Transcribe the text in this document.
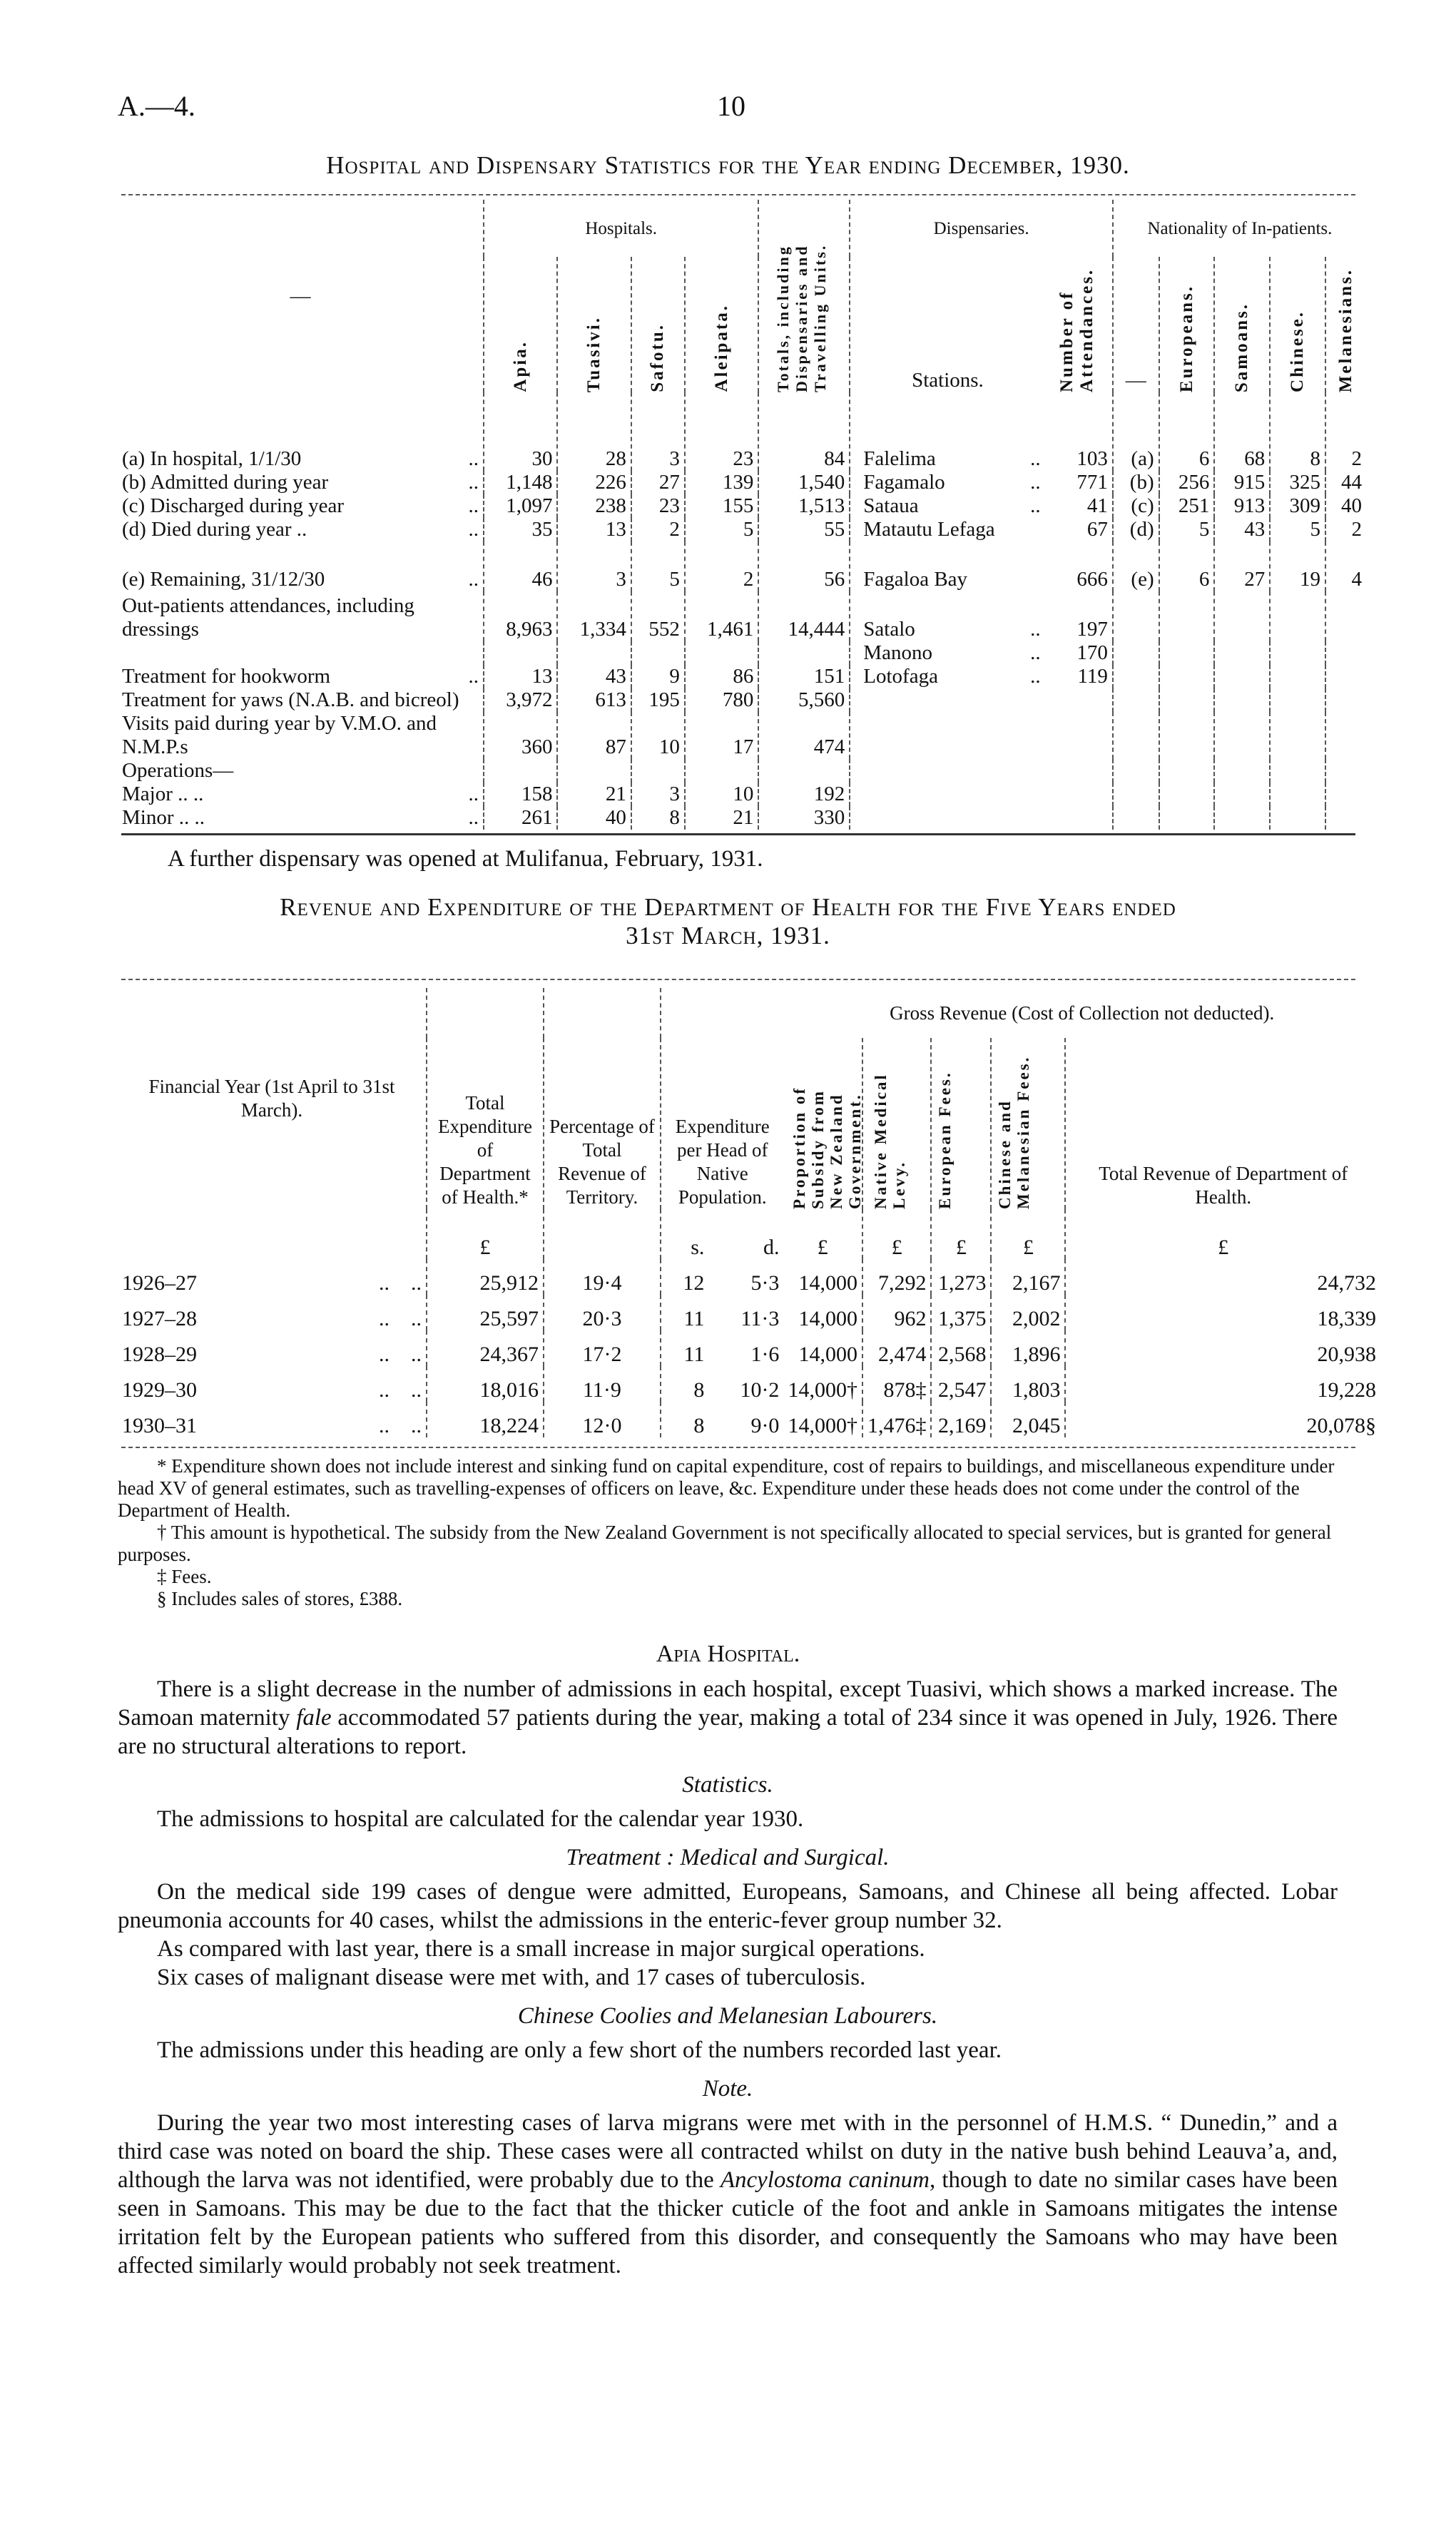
A.—4.	10
Hospital and Dispensary Statistics for the Year ending December, 1930.
—	Hospitals.				Totals, including Dispensaries and Travelling Units.	Dispensaries.		Nationality of In-patients.				

	Apia.	Tuasivi.	Safotu.	Aleipata.		Stations.	Number of Attendances.	—	Europeans.	Samoans.	Chinese.	Melanesians.

(a) In hospital, 1/1/30 ..	30	28	3	23	84	Falelima ..	103	(a)	6	68	8	2
(b) Admitted during year ..	1,148	226	27	139	1,540	Fagamalo ..	771	(b)	256	915	325	44
(c) Discharged during year ..	1,097	238	23	155	1,513	Sataua ..	41	(c)	251	913	309	40
(d) Died during year .. ..	35	13	2	5	55	Matautu Lefaga	67	(d)	5	43	5	2
(e) Remaining, 31/12/30 ..	46	3	5	2	56	Fagaloa Bay	666	(e)	6	27	19	4
Out-patients attendances, including dressings	8,963	1,334	552	1,461	14,444	Satalo ..	197					
						Manono ..	170					
Treatment for hookworm ..	13	43	9	86	151	Lotofaga ..	119					
Treatment for yaws (N.A.B. and bicreol)	3,972	613	195	780	5,560							
Visits paid during year by V.M.O. and N.M.P.s	360	87	10	17	474							
Operations—												
Major .. .. ..	158	21	3	10	192							
Minor .. .. ..	261	40	8	21	330							
A further dispensary was opened at Mulifanua, February, 1931.
Revenue and Expenditure of the Department of Health for the Five Years ended
31st March, 1931.
Financial Year (1st April to 31st March).	Total Expenditure of Department of Health.*	Percentage of Total Revenue of Territory.	Expenditure per Head of Native Population.		Gross Revenue (Cost of Collection not deducted).				

					Proportion of Subsidy from New Zealand Government.	Native Medical Levy.	European Fees.	Chinese and Melanesian Fees.	Total Revenue of Department of Health.
	£		s.	d.	£	£	£	£	£
1926–27 ..    ..	25,912	19·4	12	5·3	14,000	7,292	1,273	2,167	24,732
1927–28 ..    ..	25,597	20·3	11	11·3	14,000	962	1,375	2,002	18,339
1928–29 ..    ..	24,367	17·2	11	1·6	14,000	2,474	2,568	1,896	20,938
1929–30 ..    ..	18,016	11·9	8	10·2	14,000†	878‡	2,547	1,803	19,228
1930–31 ..    ..	18,224	12·0	8	9·0	14,000†	1,476‡	2,169	2,045	20,078§

* Expenditure shown does not include interest and sinking fund on capital expenditure, cost of repairs to buildings, and miscellaneous expenditure under head XV of general estimates, such as travelling-expenses of officers on leave, &c. Expenditure under these heads does not come under the control of the Department of Health.

† This amount is hypothetical. The subsidy from the New Zealand Government is not specifically allocated to special services, but is granted for general purposes.

‡ Fees.

§ Includes sales of stores, £388.

Apia Hospital.

There is a slight decrease in the number of admissions in each hospital, except Tuasivi, which shows a marked increase. The Samoan maternity fale accommodated 57 patients during the year, making a total of 234 since it was opened in July, 1926. There are no structural alterations to report.

Statistics.

The admissions to hospital are calculated for the calendar year 1930.

Treatment : Medical and Surgical.

On the medical side 199 cases of dengue were admitted, Europeans, Samoans, and Chinese all being affected. Lobar pneumonia accounts for 40 cases, whilst the admissions in the enteric-fever group number 32.

As compared with last year, there is a small increase in major surgical operations.

Six cases of malignant disease were met with, and 17 cases of tuberculosis.

Chinese Coolies and Melanesian Labourers.

The admissions under this heading are only a few short of the numbers recorded last year.

Note.

During the year two most interesting cases of larva migrans were met with in the personnel of H.M.S. “ Dunedin,” and a third case was noted on board the ship. These cases were all contracted whilst on duty in the native bush behind Leauva’a, and, although the larva was not identified, were probably due to the Ancylostoma caninum, though to date no similar cases have been seen in Samoans. This may be due to the fact that the thicker cuticle of the foot and ankle in Samoans mitigates the intense irritation felt by the European patients who suffered from this disorder, and consequently the Samoans who may have been affected similarly would probably not seek treatment.
